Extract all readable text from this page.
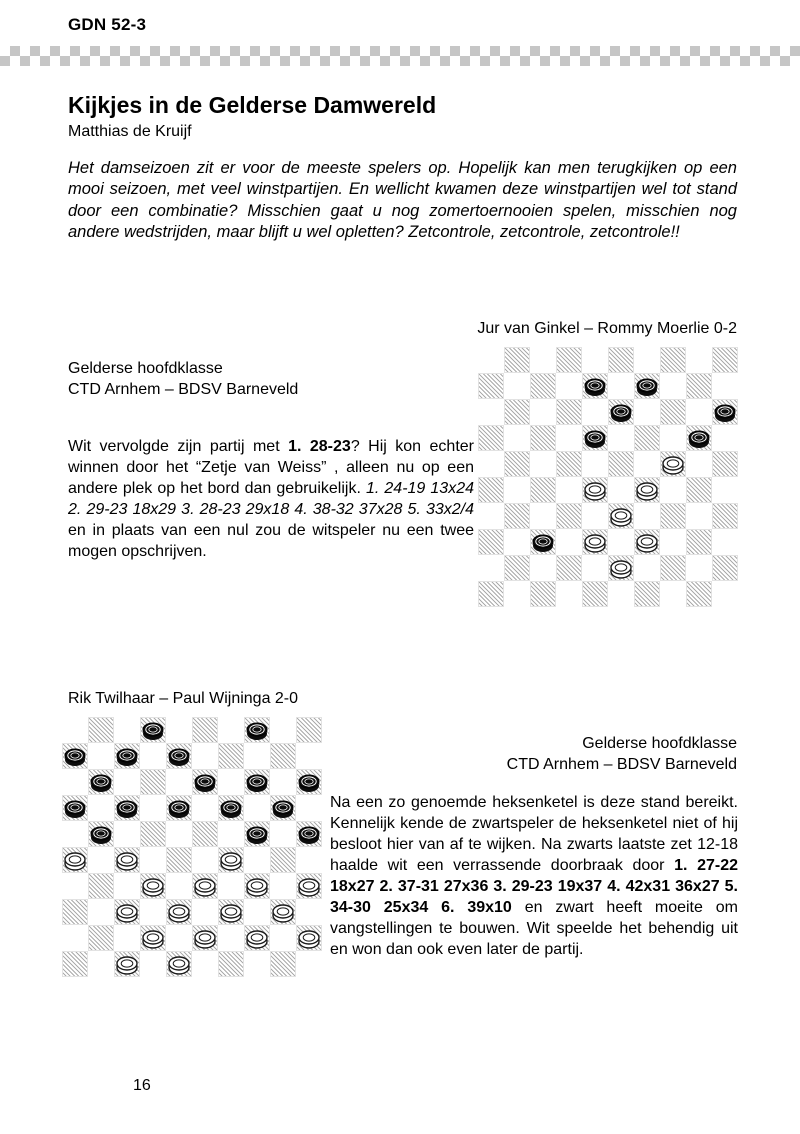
GDN 52-3
Kijkjes in de Gelderse Damwereld
Matthias de Kruijf

Het damseizoen zit er voor de meeste spelers op. Hopelijk kan men terugkijken op een mooi seizoen, met veel winstpartijen. En wellicht kwamen deze winstpartijen wel tot stand door een combinatie? Misschien gaat u nog zomertoernooien spelen, misschien nog andere wedstrijden, maar blijft u wel opletten? Zetcontrole, zetcontrole, zetcontrole!!

Jur van Ginkel – Rommy Moerlie 0-2
Gelderse hoofdklasse
CTD Arnhem – BDSV Barneveld

Wit vervolgde zijn partij met 1. 28-23? Hij kon echter winnen door het “Zetje van Weiss” , alleen nu op een andere plek op het bord dan gebruikelijk. 1. 24-19 13x24 2. 29-23 18x29 3. 28-23 29x18 4. 38-32 37x28 5. 33x2/4 en in plaats van een nul zou de witspeler nu een twee mogen opschrijven.

Rik Twilhaar – Paul Wijninga 2-0
Gelderse hoofdklasse
CTD Arnhem – BDSV Barneveld

Na een zo genoemde heksenketel is deze stand bereikt. Kennelijk kende de zwartspeler de heksenketel niet of hij besloot hier van af te wijken. Na zwarts laatste zet 12-18 haalde wit een verrassende doorbraak door 1. 27-22 18x27 2. 37-31 27x36 3. 29-23 19x37 4. 42x31 36x27 5. 34-30 25x34 6. 39x10 en zwart heeft moeite om vangstellingen te bouwen. Wit speelde het behendig uit en won dan ook even later de partij.

16
